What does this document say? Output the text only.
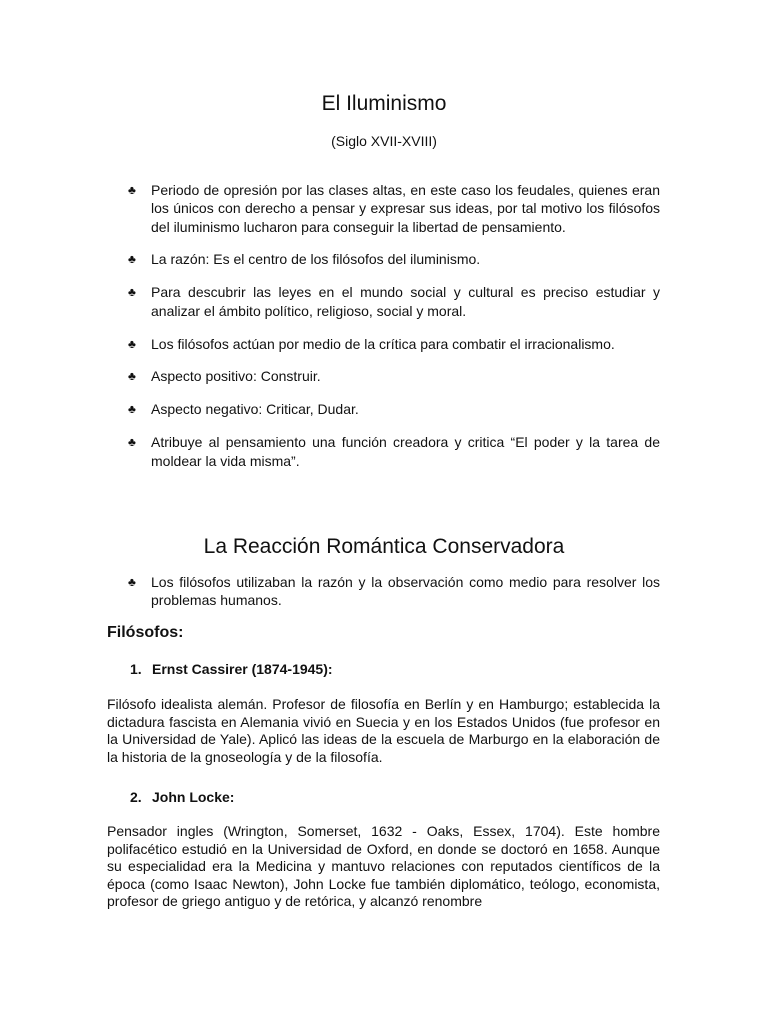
El Iluminismo
(Siglo XVII-XVIII)
♣ Periodo de opresión por las clases altas, en este caso los feudales, quienes eran los únicos con derecho a pensar y expresar sus ideas, por tal motivo los filósofos del iluminismo lucharon para conseguir la libertad de pensamiento.
♣ La razón: Es el centro de los filósofos del iluminismo.
♣ Para descubrir las leyes en el mundo social y cultural es preciso estudiar y analizar el ámbito político, religioso, social y moral.
♣ Los filósofos actúan por medio de la crítica para combatir el irracionalismo.
♣ Aspecto positivo: Construir.
♣ Aspecto negativo: Criticar, Dudar.
♣ Atribuye al pensamiento una función creadora y critica “El poder y la tarea de moldear la vida misma”.
La Reacción Romántica Conservadora
♣ Los filósofos utilizaban la razón y la observación como medio para resolver los problemas humanos.
Filósofos:
1. Ernst Cassirer (1874-1945):

Filósofo idealista alemán. Profesor de filosofía en Berlín y en Hamburgo; establecida la dictadura fascista en Alemania vivió en Suecia y en los Estados Unidos (fue profesor en la Universidad de Yale). Aplicó las ideas de la escuela de Marburgo en la elaboración de la historia de la gnoseología y de la filosofía.

2. John Locke:

Pensador ingles (Wrington, Somerset, 1632 - Oaks, Essex, 1704). Este hombre polifacético estudió en la Universidad de Oxford, en donde se doctoró en 1658. Aunque su especialidad era la Medicina y mantuvo relaciones con reputados científicos de la época (como Isaac Newton), John Locke fue también diplomático, teólogo, economista, profesor de griego antiguo y de retórica, y alcanzó renombre
